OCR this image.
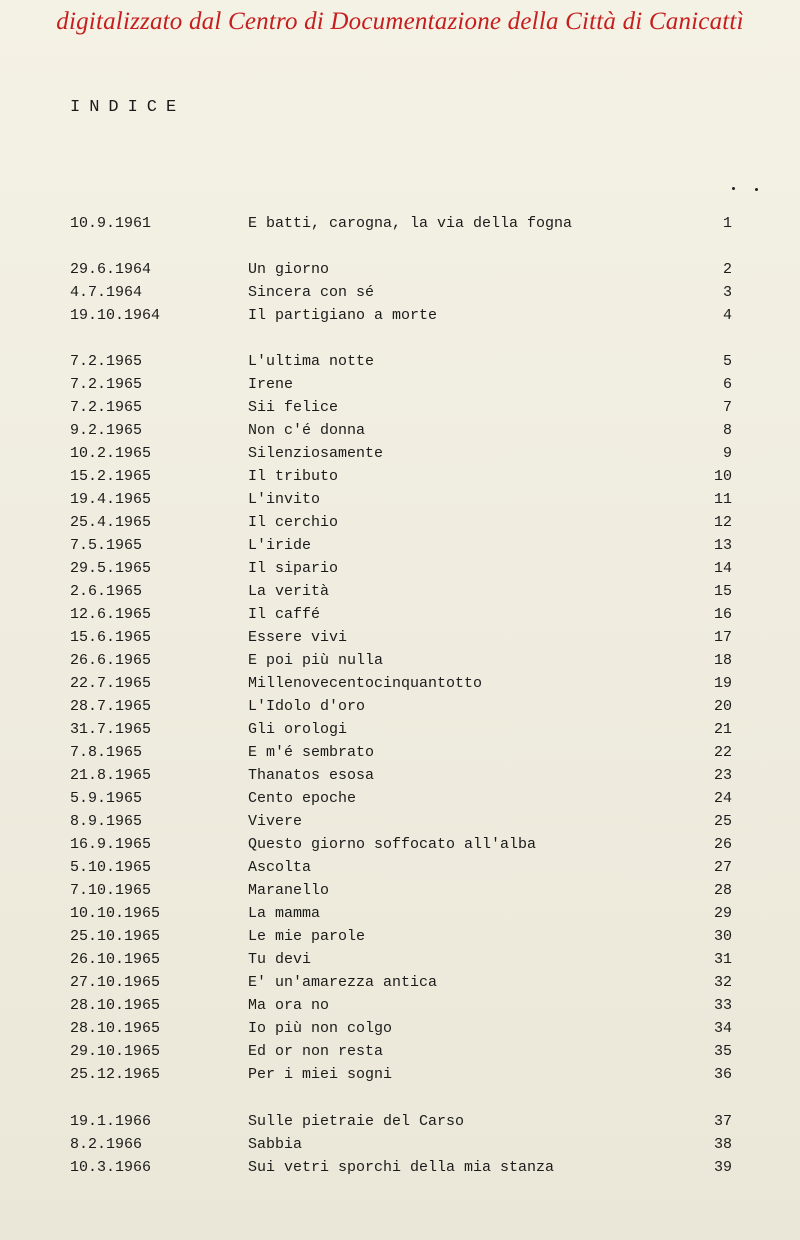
digitalizzato dal Centro di Documentazione della Città di Canicattì
INDICE
10.9.1961	E batti, carogna, la via della fogna	1
29.6.1964	Un giorno	2
4.7.1964	Sincera con sé	3
19.10.1964	Il partigiano a morte	4
7.2.1965	L'ultima notte	5
7.2.1965	Irene	6
7.2.1965	Sii felice	7
9.2.1965	Non c'é donna	8
10.2.1965	Silenziosamente	9
15.2.1965	Il tributo	10
19.4.1965	L'invito	11
25.4.1965	Il cerchio	12
7.5.1965	L'iride	13
29.5.1965	Il sipario	14
2.6.1965	La verità	15
12.6.1965	Il caffé	16
15.6.1965	Essere vivi	17
26.6.1965	E poi più nulla	18
22.7.1965	Millenovecentocinquantotto	19
28.7.1965	L'Idolo d'oro	20
31.7.1965	Gli orologi	21
7.8.1965	E m'é sembrato	22
21.8.1965	Thanatos esosa	23
5.9.1965	Cento epoche	24
8.9.1965	Vivere	25
16.9.1965	Questo giorno soffocato all'alba	26
5.10.1965	Ascolta	27
7.10.1965	Maranello	28
10.10.1965	La mamma	29
25.10.1965	Le mie parole	30
26.10.1965	Tu devi	31
27.10.1965	E' un'amarezza antica	32
28.10.1965	Ma ora no	33
28.10.1965	Io più non colgo	34
29.10.1965	Ed or non resta	35
25.12.1965	Per i miei sogni	36
19.1.1966	Sulle pietraie del Carso	37
8.2.1966	Sabbia	38
10.3.1966	Sui vetri sporchi della mia stanza	39
